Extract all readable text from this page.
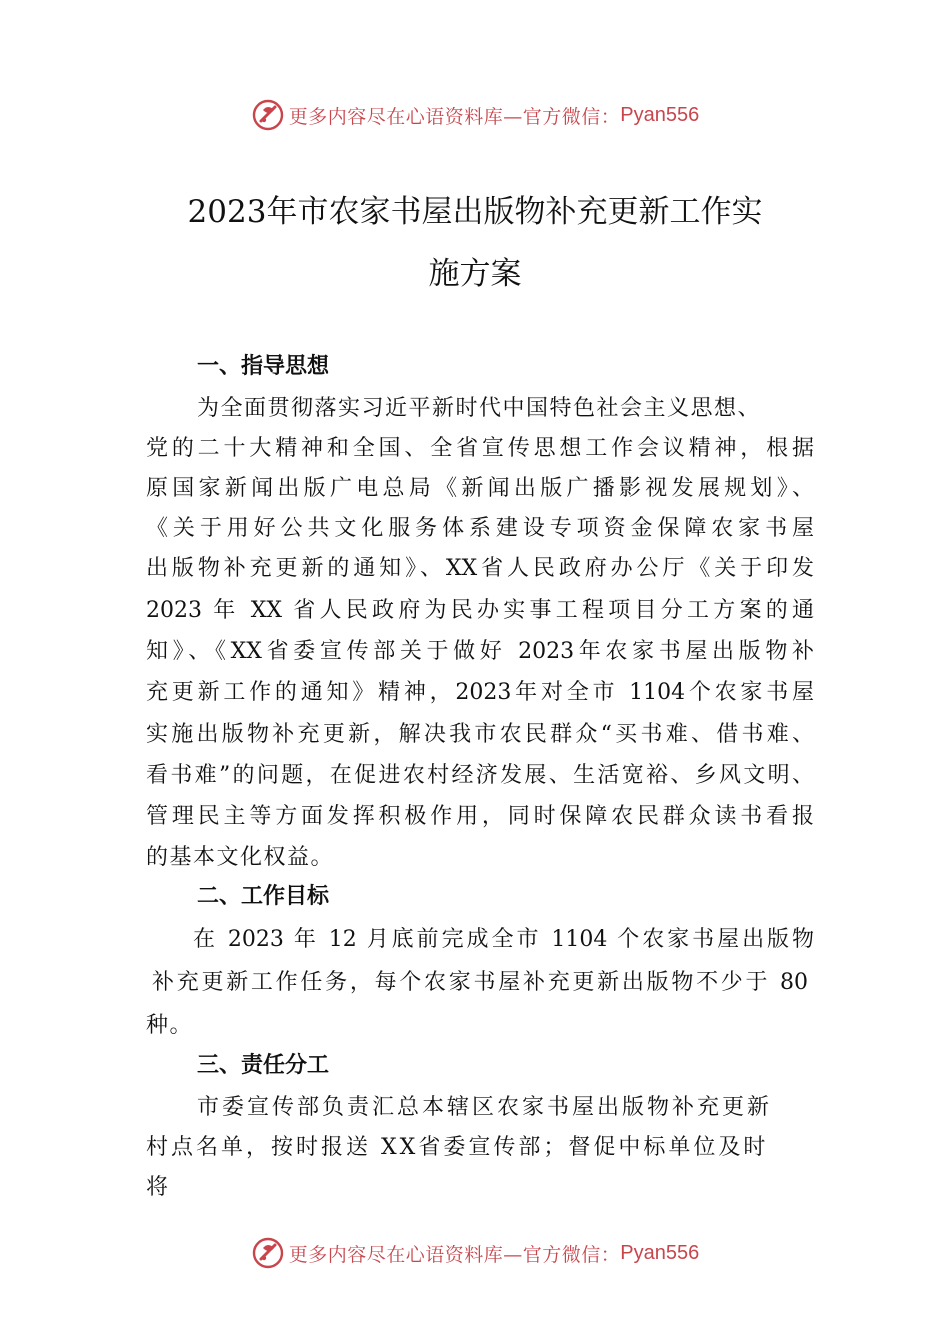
更多内容尽在心语资料库—官方微信： Pyan556
2023年市农家书屋出版物补充更新工作实
施方案
一、指导思想
为全面贯彻落实习近平新时代中国特色社会主义思想、
党的二十大精神和全国、全省宣传思想工作会议精神，根据
原国家新闻出版广电总局《新闻出版广播影视发展规划》、
《关于用好公共文化服务体系建设专项资金保障农家书屋
出版物补充更新的通知》、XX省人民政府办公厅《关于印发
2023 年 XX 省人民政府为民办实事工程项目分工方案的通
知》、《XX省委宣传部关于做好 2023年农家书屋出版物补
充更新工作的通知》精神，2023年对全市 1104个农家书屋
实施出版物补充更新，解决我市农民群众“买书难、借书难、
看书难”的问题，在促进农村经济发展、生活宽裕、乡风文明、
管理民主等方面发挥积极作用，同时保障农民群众读书看报
的基本文化权益。
二、工作目标
在 2023 年 12 月底前完成全市 1104 个农家书屋出版物
补充更新工作任务，每个农家书屋补充更新出版物不少于 80
种。
三、责任分工
市委宣传部负责汇总本辖区农家书屋出版物补充更新
村点名单，按时报送 XX省委宣传部；督促中标单位及时
将
更多内容尽在心语资料库—官方微信： Pyan556
